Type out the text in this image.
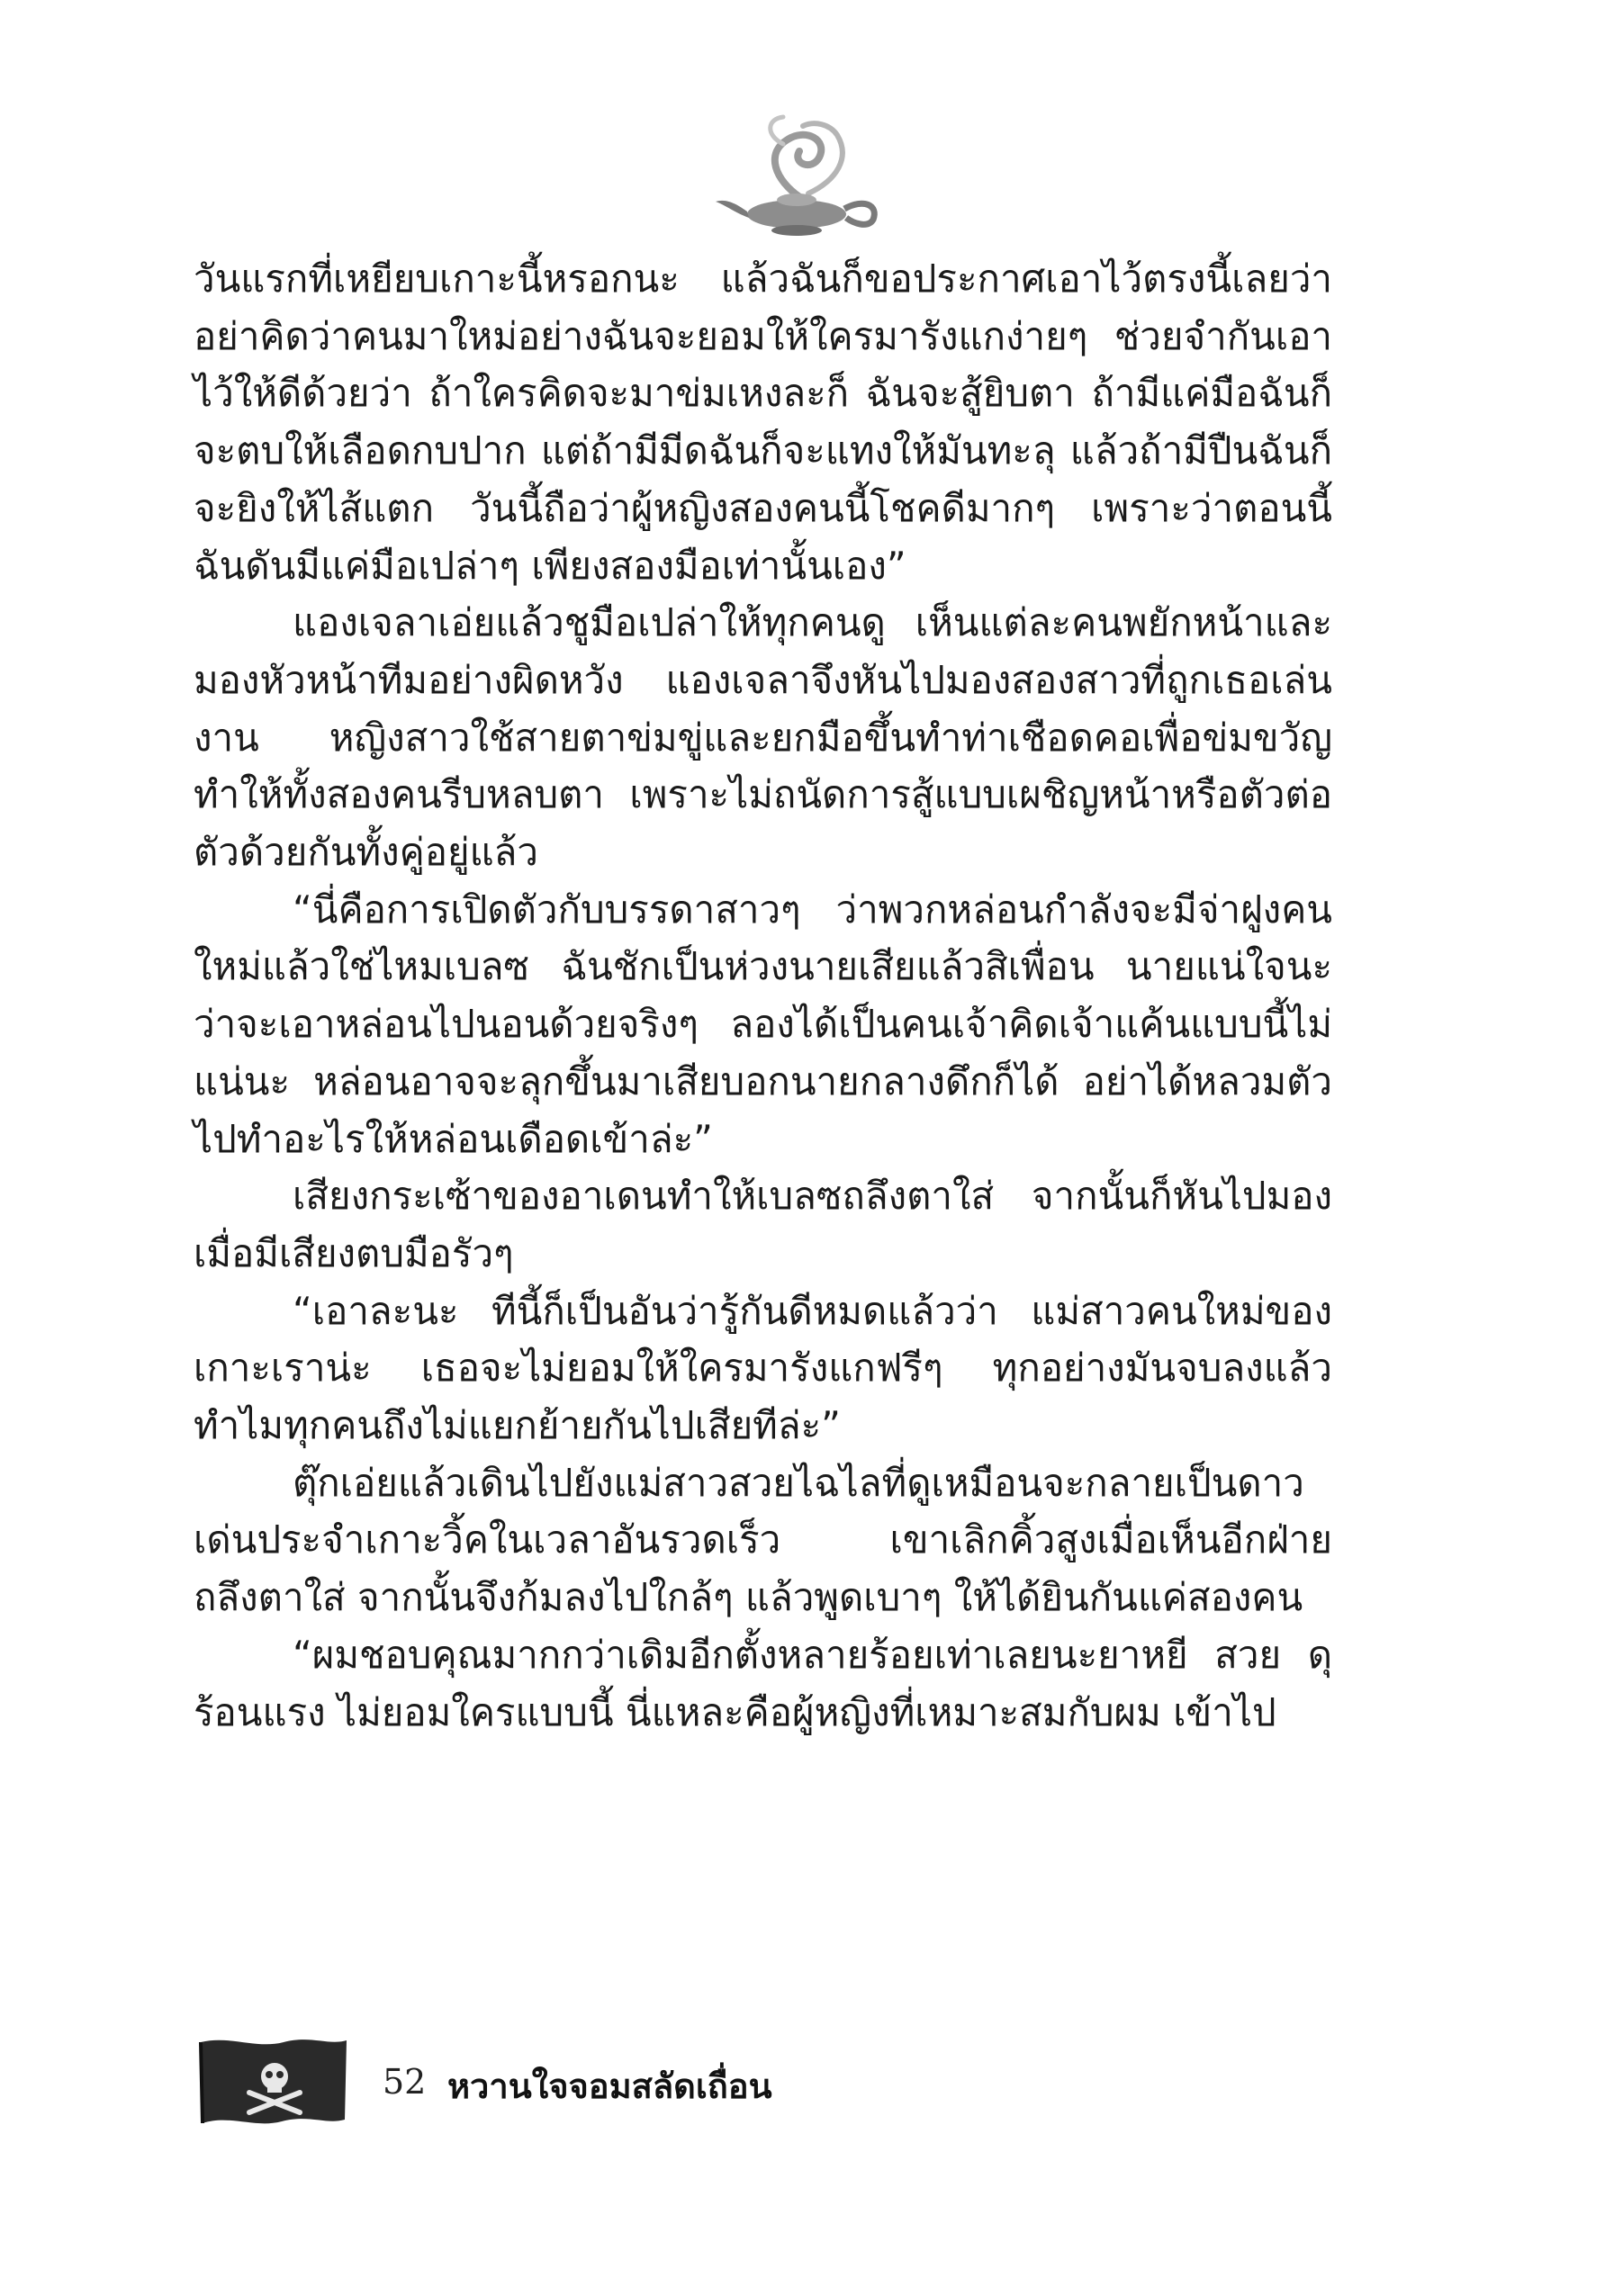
วันแรกที่เหยียบเกาะนี้หรอกนะ แล้วฉันก็ขอประกาศเอาไว้ตรงนี้เลยว่า อย่าคิดว่าคนมาใหม่อย่างฉันจะยอมให้ใครมารังแกง่ายๆ ช่วยจำกันเอาไว้ให้ดีด้วยว่า ถ้าใครคิดจะมาข่มเหงละก็ ฉันจะสู้ยิบตา ถ้ามีแค่มือฉันก็จะตบให้เลือดกบปาก แต่ถ้ามีมีดฉันก็จะแทงให้มันทะลุ แล้วถ้ามีปืนฉันก็จะยิงให้ไส้แตก วันนี้ถือว่าผู้หญิงสองคนนี้โชคดีมากๆ เพราะว่าตอนนี้ฉันดันมีแค่มือเปล่าๆ เพียงสองมือเท่านั้นเอง”

แองเจลาเอ่ยแล้วชูมือเปล่าให้ทุกคนดู เห็นแต่ละคนพยักหน้าและมองหัวหน้าทีมอย่างผิดหวัง แองเจลาจึงหันไปมองสองสาวที่ถูกเธอเล่นงาน หญิงสาวใช้สายตาข่มขู่และยกมือขึ้นทำท่าเชือดคอเพื่อข่มขวัญ ทำให้ทั้งสองคนรีบหลบตา เพราะไม่ถนัดการสู้แบบเผชิญหน้าหรือตัวต่อตัวด้วยกันทั้งคู่อยู่แล้ว

“นี่คือการเปิดตัวกับบรรดาสาวๆ ว่าพวกหล่อนกำลังจะมีจ่าฝูงคนใหม่แล้วใช่ไหมเบลซ ฉันชักเป็นห่วงนายเสียแล้วสิเพื่อน นายแน่ใจนะว่าจะเอาหล่อนไปนอนด้วยจริงๆ ลองได้เป็นคนเจ้าคิดเจ้าแค้นแบบนี้ไม่แน่นะ หล่อนอาจจะลุกขึ้นมาเสียบอกนายกลางดึกก็ได้ อย่าได้หลวมตัวไปทำอะไรให้หล่อนเดือดเข้าล่ะ”

เสียงกระเซ้าของอาเดนทำให้เบลซถลึงตาใส่ จากนั้นก็หันไปมองเมื่อมีเสียงตบมือรัวๆ

“เอาละนะ ทีนี้ก็เป็นอันว่ารู้กันดีหมดแล้วว่า แม่สาวคนใหม่ของเกาะเราน่ะ เธอจะไม่ยอมให้ใครมารังแกฟรีๆ ทุกอย่างมันจบลงแล้ว ทำไมทุกคนถึงไม่แยกย้ายกันไปเสียทีล่ะ”

ตุ๊กเอ่ยแล้วเดินไปยังแม่สาวสวยไฉไลที่ดูเหมือนจะกลายเป็นดาวเด่นประจำเกาะวิ้คในเวลาอันรวดเร็ว เขาเลิกคิ้วสูงเมื่อเห็นอีกฝ่ายถลึงตาใส่ จากนั้นจึงก้มลงไปใกล้ๆ แล้วพูดเบาๆ ให้ได้ยินกันแค่สองคน

“ผมชอบคุณมากกว่าเดิมอีกตั้งหลายร้อยเท่าเลยนะยาหยี สวย ดุ ร้อนแรง ไม่ยอมใครแบบนี้ นี่แหละคือผู้หญิงที่เหมาะสมกับผม เข้าไป

52 หวานใจจอมสลัดเถื่อน
